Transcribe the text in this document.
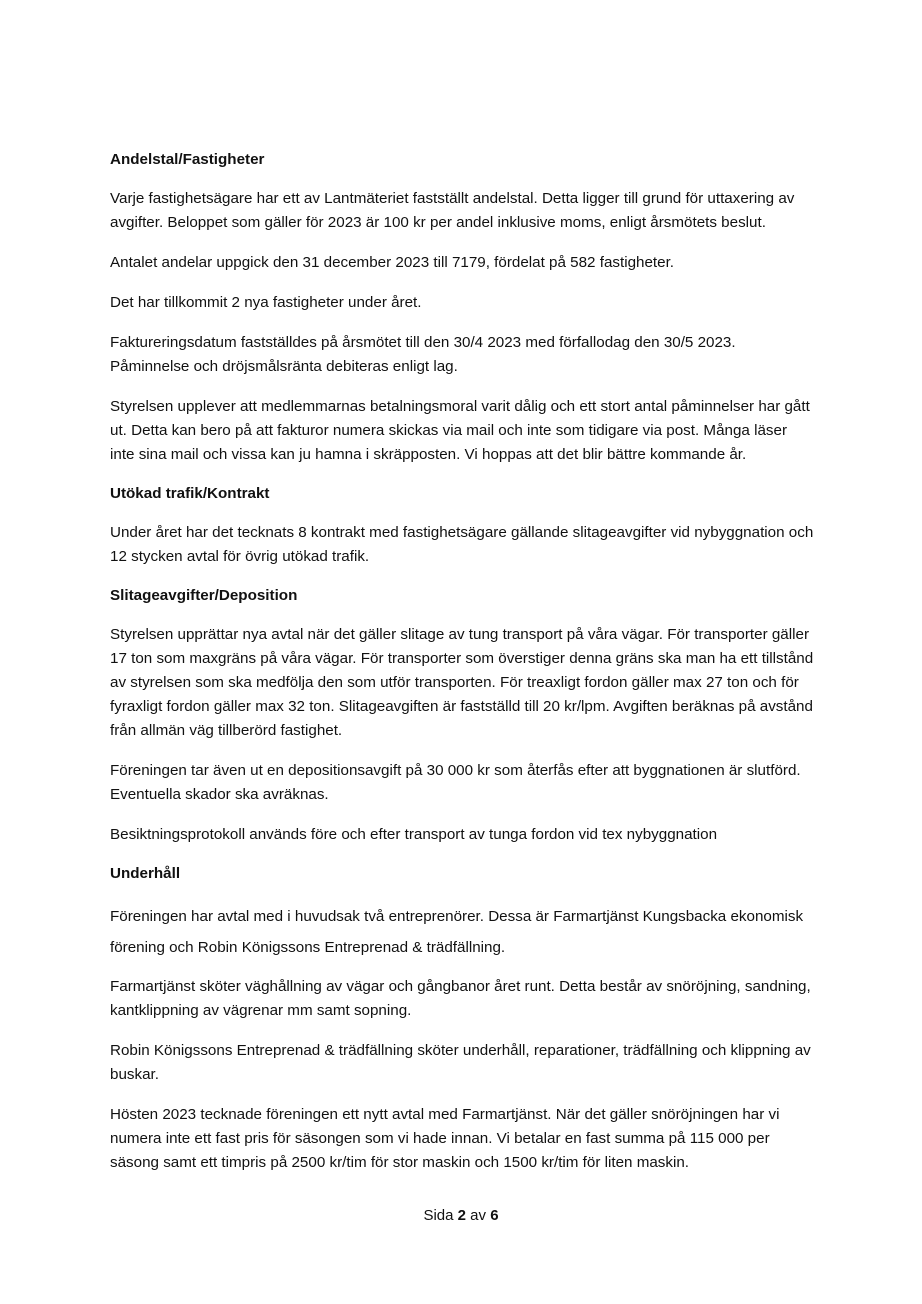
Andelstal/Fastigheter

Varje fastighetsägare har ett av Lantmäteriet fastställt andelstal. Detta ligger till grund för uttaxering av avgifter. Beloppet som gäller för 2023 är 100 kr per andel inklusive moms, enligt årsmötets beslut.

Antalet andelar uppgick den 31 december 2023 till 7179, fördelat på 582 fastigheter.

Det har tillkommit 2 nya fastigheter under året.

Faktureringsdatum fastställdes på årsmötet till den 30/4 2023 med förfallodag den 30/5 2023. Påminnelse och dröjsmålsränta debiteras enligt lag.

Styrelsen upplever att medlemmarnas betalningsmoral varit dålig och ett stort antal påminnelser har gått ut. Detta kan bero på att fakturor numera skickas via mail och inte som tidigare via post. Många läser inte sina mail och vissa kan ju hamna i skräpposten. Vi hoppas att det blir bättre kommande år.

Utökad trafik/Kontrakt

Under året har det tecknats 8 kontrakt med fastighetsägare gällande slitageavgifter vid nybyggnation och 12 stycken avtal för övrig utökad trafik.

Slitageavgifter/Deposition

Styrelsen upprättar nya avtal när det gäller slitage av tung transport på våra vägar. För transporter gäller 17 ton som maxgräns på våra vägar. För transporter som överstiger denna gräns ska man ha ett tillstånd av styrelsen som ska medfölja den som utför transporten. För treaxligt fordon gäller max 27 ton och för fyraxligt fordon gäller max 32 ton. Slitageavgiften är fastställd till 20 kr/lpm. Avgiften beräknas på avstånd från allmän väg tillberörd fastighet.

Föreningen tar även ut en depositionsavgift på 30 000 kr som återfås efter att byggnationen är slutförd. Eventuella skador ska avräknas.

Besiktningsprotokoll används före och efter transport av tunga fordon vid tex nybyggnation

Underhåll

Föreningen har avtal med i huvudsak två entreprenörer. Dessa är Farmartjänst Kungsbacka ekonomisk förening och Robin Königssons Entreprenad & trädfällning.

Farmartjänst sköter väghållning av vägar och gångbanor året runt. Detta består av snöröjning, sandning, kantklippning av vägrenar mm samt sopning.

Robin Königssons Entreprenad & trädfällning sköter underhåll, reparationer, trädfällning och klippning av buskar.

Hösten 2023 tecknade föreningen ett nytt avtal med Farmartjänst. När det gäller snöröjningen har vi numera inte ett fast pris för säsongen som vi hade innan. Vi betalar en fast summa på 115 000 per säsong samt ett timpris på 2500 kr/tim för stor maskin och 1500 kr/tim för liten maskin.

Sida 2 av 6
